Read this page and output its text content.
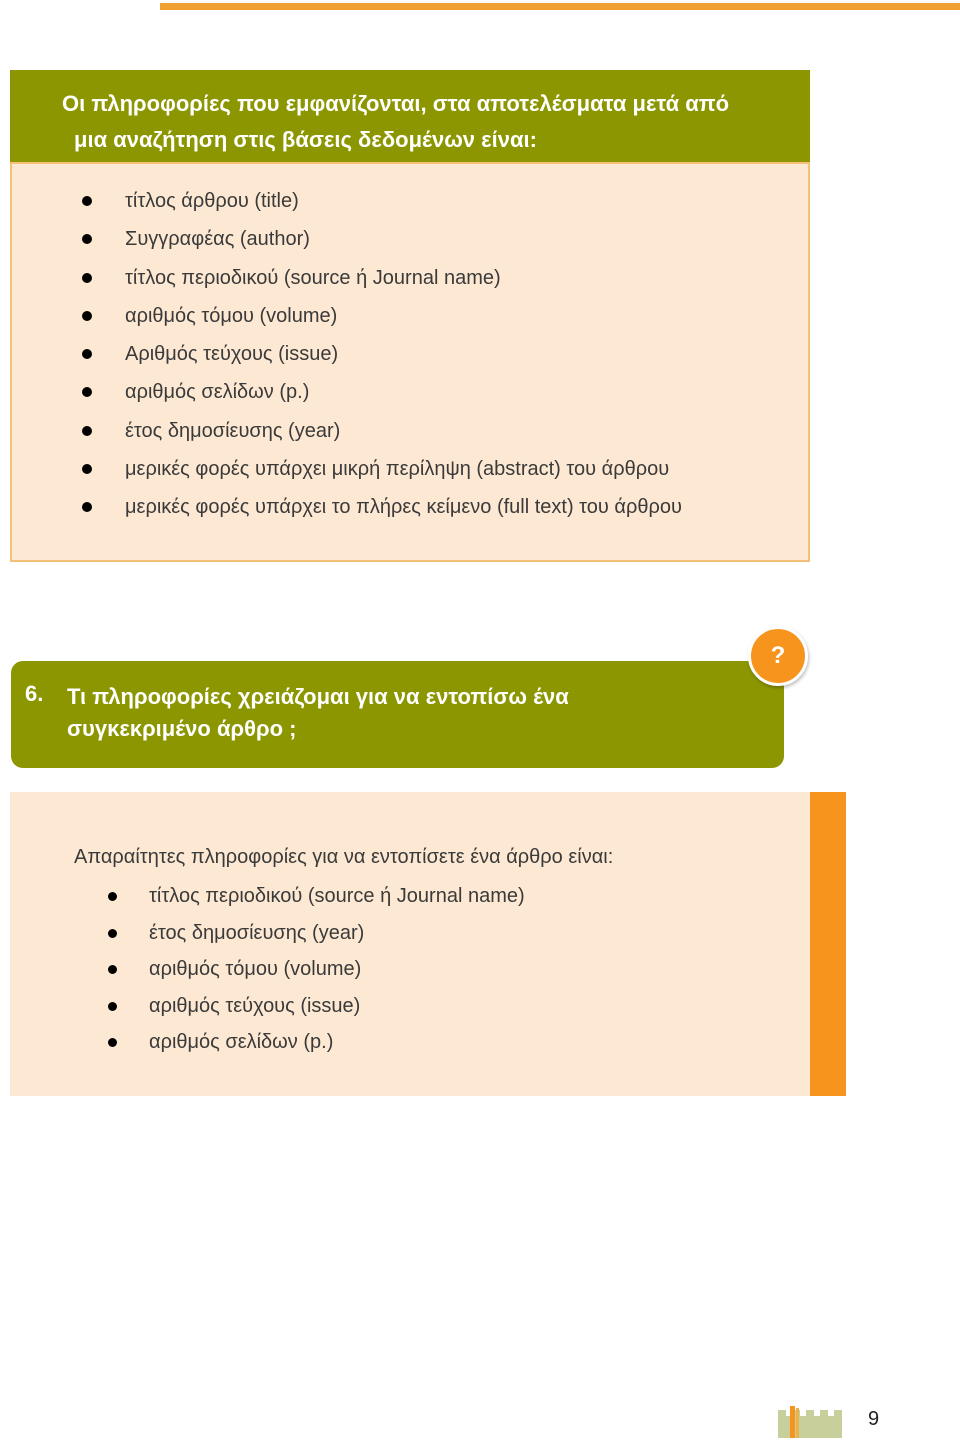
Οι πληροφορίες που εμφανίζονται, στα αποτελέσματα μετά από
μια αναζήτηση στις βάσεις δεδομένων είναι:
τίτλος άρθρου (title)
Συγγραφέας (author)
τίτλος περιοδικού (source ή Journal name)
αριθμός τόμου (volume)
Αριθμός τεύχους (issue)
αριθμός σελίδων (p.)
έτος δημοσίευσης (year)
μερικές φορές υπάρχει μικρή περίληψη (abstract) του άρθρου
μερικές φορές υπάρχει το πλήρες κείμενο (full text) του άρθρου
6.	Τι πληροφορίες χρειάζομαι για να εντοπίσω ένα
συγκεκριμένο άρθρο ;
?
Απαραίτητες πληροφορίες για να εντοπίσετε ένα άρθρο είναι:
τίτλος περιοδικού (source ή Journal name)
έτος δημοσίευσης (year)
αριθμός τόμου (volume)
αριθμός τεύχους (issue)
αριθμός σελίδων (p.)
9
